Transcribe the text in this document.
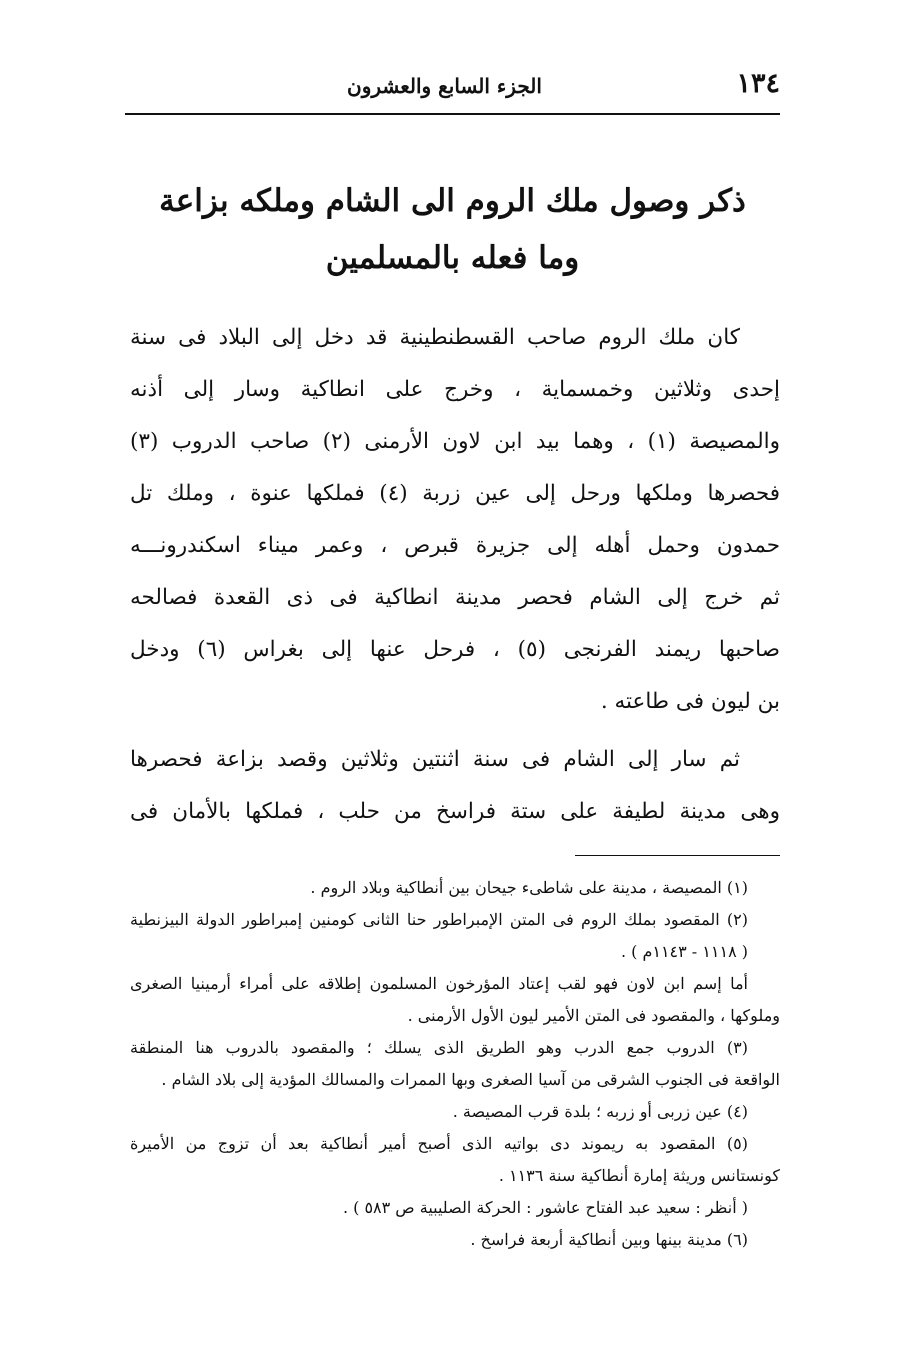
١٣٤
الجزء السابع والعشرون
ذكر وصول ملك الروم الى الشام وملكه بزاعة
وما فعله بالمسلمين
كان ملك الروم صاحب القسطنطينية قد دخل إلى البلاد فى سنة
إحدى وثلاثين وخمسماية ، وخرج على انطاكية وسار إلى أذنه
والمصيصة (١) ، وهما بيد ابن لاون الأرمنى (٢) صاحب الدروب (٣)
فحصرها وملكها ورحل إلى عين زربة (٤) فملكها عنوة ، وملك تل
حمدون وحمل أهله إلى جزيرة قبرص ، وعمر ميناء اسكندرونـــه
ثم خرج إلى الشام فحصر مدينة انطاكية فى ذى القعدة فصالحه
صاحبها ريمند الفرنجى (٥) ، فرحل عنها إلى بغراس (٦) ودخل
بن ليون فى طاعته .
ثم سار إلى الشام فى سنة اثنتين وثلاثين وقصد بزاعة فحصرها
وهى مدينة لطيفة على ستة فراسخ من حلب ، فملكها بالأمان فى
(١) المصيصة ، مدينة على شاطىء جيحان بين أنطاكية وبلاد الروم .
(٢) المقصود بملك الروم فى المتن الإمبراطور حنا الثانى كومنين إمبراطور الدولة البيزنطية
( ١١١٨ - ١١٤٣م ) .
أما إسم ابن لاون فهو لقب إعتاد المؤرخون المسلمون إطلاقه على أمراء أرمينيا الصغرى
وملوكها ، والمقصود فى المتن الأمير ليون الأول الأرمنى .
(٣) الدروب جمع الدرب وهو الطريق الذى يسلك ؛ والمقصود بالدروب هنا المنطقة
الواقعة فى الجنوب الشرقى من آسيا الصغرى وبها الممرات والمسالك المؤدية إلى بلاد الشام .
(٤) عين زربى أو زربه ؛ بلدة قرب المصيصة .
(٥) المقصود به ريموند دى بواتيه الذى أصبح أمير أنطاكية بعد أن تزوج من الأميرة
كونستانس وريثة إمارة أنطاكية سنة ١١٣٦ .
( أنظر : سعيد عبد الفتاح عاشور : الحركة الصليبية ص ٥٨٣ ) .
(٦) مدينة بينها وبين أنطاكية أربعة فراسخ .
